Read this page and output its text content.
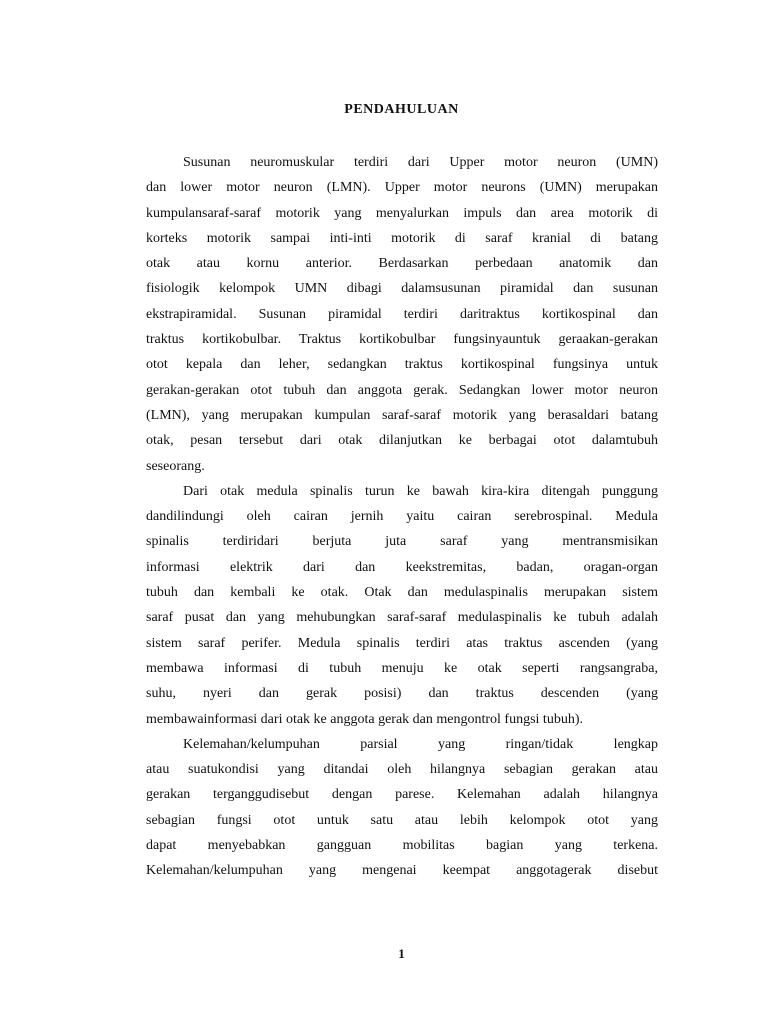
PENDAHULUAN
Susunan neuromuskular terdiri dari Upper motor neuron (UMN)
dan lower motor neuron (LMN). Upper motor neurons (UMN) merupakan
kumpulansaraf-saraf motorik yang menyalurkan impuls dan area motorik di
korteks motorik sampai inti-inti motorik di saraf kranial di batang
otak atau kornu anterior. Berdasarkan perbedaan anatomik dan
fisiologik kelompok UMN dibagi dalamsusunan piramidal dan susunan
ekstrapiramidal. Susunan piramidal terdiri daritraktus kortikospinal dan
traktus kortikobulbar. Traktus kortikobulbar fungsinyauntuk geraakan-gerakan
otot kepala dan leher, sedangkan traktus kortikospinal fungsinya untuk
gerakan-gerakan otot tubuh dan anggota gerak. Sedangkan lower motor neuron
(LMN), yang merupakan kumpulan saraf-saraf motorik yang berasaldari batang
otak, pesan tersebut dari otak dilanjutkan ke berbagai otot dalamtubuh
seseorang.
Dari otak medula spinalis turun ke bawah kira-kira ditengah punggung
dandilindungi oleh cairan jernih yaitu cairan serebrospinal. Medula
spinalis terdiridari berjuta juta saraf yang mentransmisikan
informasi elektrik dari dan keekstremitas, badan, oragan-organ
tubuh dan kembali ke otak. Otak dan medulaspinalis merupakan sistem
saraf pusat dan yang mehubungkan saraf-saraf medulaspinalis ke tubuh adalah
sistem saraf perifer. Medula spinalis terdiri atas traktus ascenden (yang
membawa informasi di tubuh menuju ke otak seperti rangsangraba,
suhu, nyeri dan gerak posisi) dan traktus descenden (yang
membawainformasi dari otak ke anggota gerak dan mengontrol fungsi tubuh).
Kelemahan/kelumpuhan parsial yang ringan/tidak lengkap
atau suatukondisi yang ditandai oleh hilangnya sebagian gerakan atau
gerakan terganggudisebut dengan parese. Kelemahan adalah hilangnya
sebagian fungsi otot untuk satu atau lebih kelompok otot yang
dapat menyebabkan gangguan mobilitas bagian yang terkena.
Kelemahan/kelumpuhan yang mengenai keempat anggotagerak disebut
1
